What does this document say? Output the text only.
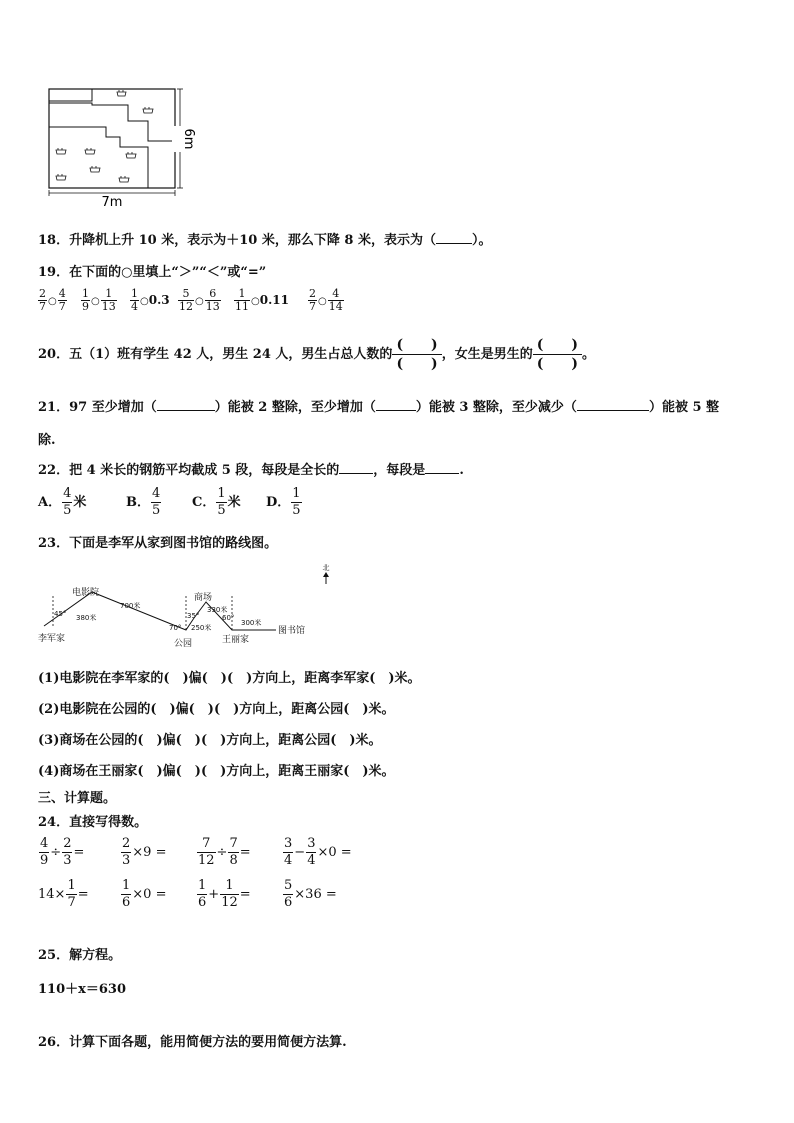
7m
6m
18．升降机上升 10 米，表示为＋10 米，那么下降 8 米，表示为（	）。
19．在下面的○里填上“＞”“＜”或“=”
$\frac{2}{7}$ ○ $\frac{4}{7} \frac{1}{9}$ ○ $\frac{1}{13} \frac{1}{4}$ ○0.3 $\frac{5}{12}$ ○ $\frac{6}{13} \frac{1}{11}$ ○0.11 $\frac{2}{7}$ ○ $\frac{4}{14}$
20．五（1）班有学生 42 人，男生 24 人，男生占总人数的
(　　)
(　　)
，女生是男生的
(　　)
(　　)
。
21．97 至少增加（	）能被 2 整除，至少增加（	）能被 3 整除，至少减少（	）能被 5 整
除.
22．把 4 米长的钢筋平均截成 5 段，每段是全长的	，每段是	.
A． $\frac{4}{5}$ 米	B． $\frac{4}{5}$ C． $\frac{1}{5}$ 米 D． $\frac{1}{5}$
23．下面是李军从家到图书馆的路线图。
北
李军家
电影院
公园
商场
王丽家
图书馆
45°
70°
35°	60°
380米
700米
250米
330米
300米
(1)电影院在李军家的(　)偏(　)(　)方向上，距离李军家(　)米。
(2)电影院在公园的(　)偏(　)(　)方向上，距离公园(　)米。
(3)商场在公园的(　)偏(　)(　)方向上，距离公园(　)米。
(4)商场在王丽家(　)偏(　)(　)方向上，距离王丽家(　)米。
三、计算题。
24．直接写得数。
$\frac{4}{9} \div \frac{2}{3}$ =	$\frac{2}{3} \times 9 = \frac{7}{12} \div \frac{7}{8} = \frac{3}{4} - \frac{3}{4} \times 0$ =
$14\times \frac{1}{7} = \frac{1}{6} \times 0 = \frac{1}{6} + \frac{1}{12} = \frac{5}{6} \times 36$ =
25．解方程。
110＋x＝630
26．计算下面各题，能用简便方法的要用简便方法算.
